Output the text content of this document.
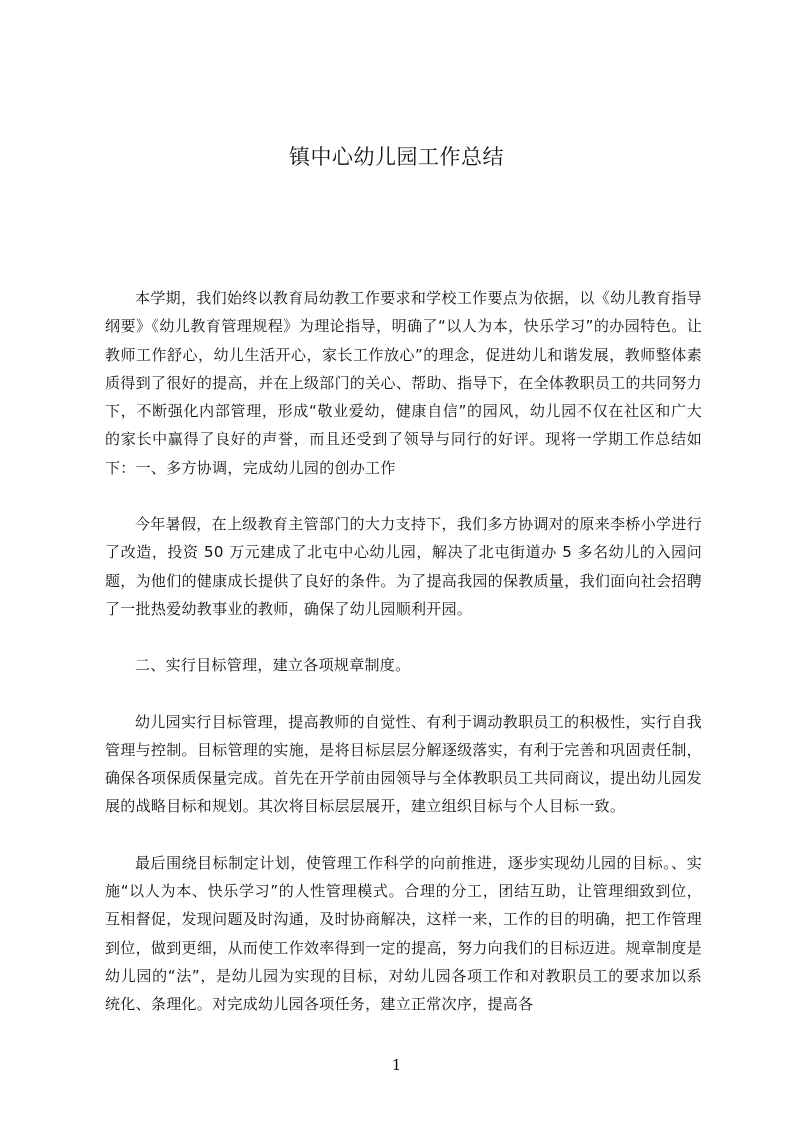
镇中心幼儿园工作总结

本学期，我们始终以教育局幼教工作要求和学校工作要点为依据，以《幼儿教育指导纲要》《幼儿教育管理规程》为理论指导，明确了“以人为本，快乐学习”的办园特色。让教师工作舒心，幼儿生活开心，家长工作放心”的理念，促进幼儿和谐发展，教师整体素质得到了很好的提高，并在上级部门的关心、帮助、指导下，在全体教职员工的共同努力下，不断强化内部管理，形成“敬业爱幼，健康自信”的园风，幼儿园不仅在社区和广大的家长中赢得了良好的声誉，而且还受到了领导与同行的好评。现将一学期工作总结如下：一、多方协调，完成幼儿园的创办工作

今年暑假，在上级教育主管部门的大力支持下，我们多方协调对的原来李桥小学进行了改造，投资 50 万元建成了北屯中心幼儿园，解决了北屯街道办 5 多名幼儿的入园问题，为他们的健康成长提供了良好的条件。为了提高我园的保教质量，我们面向社会招聘了一批热爱幼教事业的教师，确保了幼儿园顺利开园。

二、实行目标管理，建立各项规章制度。

幼儿园实行目标管理，提高教师的自觉性、有利于调动教职员工的积极性，实行自我管理与控制。目标管理的实施，是将目标层层分解逐级落实，有利于完善和巩固责任制，确保各项保质保量完成。首先在开学前由园领导与全体教职员工共同商议，提出幼儿园发展的战略目标和规划。其次将目标层层展开，建立组织目标与个人目标一致。

最后围绕目标制定计划，使管理工作科学的向前推进，逐步实现幼儿园的目标。、实施“以人为本、快乐学习”的人性管理模式。合理的分工，团结互助，让管理细致到位，互相督促，发现问题及时沟通，及时协商解决，这样一来，工作的目的明确，把工作管理到位，做到更细，从而使工作效率得到一定的提高，努力向我们的目标迈进。规章制度是幼儿园的“法”，是幼儿园为实现的目标，对幼儿园各项工作和对教职员工的要求加以系统化、条理化。对完成幼儿园各项任务，建立正常次序，提高各

1
